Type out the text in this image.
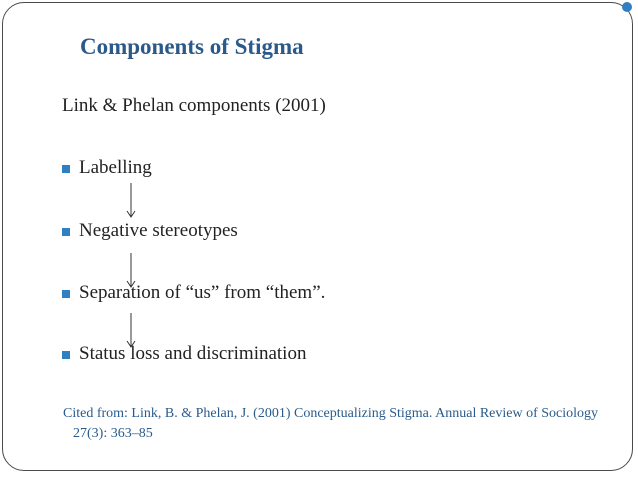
Components of Stigma
Link & Phelan components (2001)
Labelling
Negative stereotypes
Separation of “us” from “them”.
Status loss and discrimination
Cited from: Link, B. & Phelan, J. (2001) Conceptualizing Stigma. Annual Review of Sociology 27(3): 363–85
